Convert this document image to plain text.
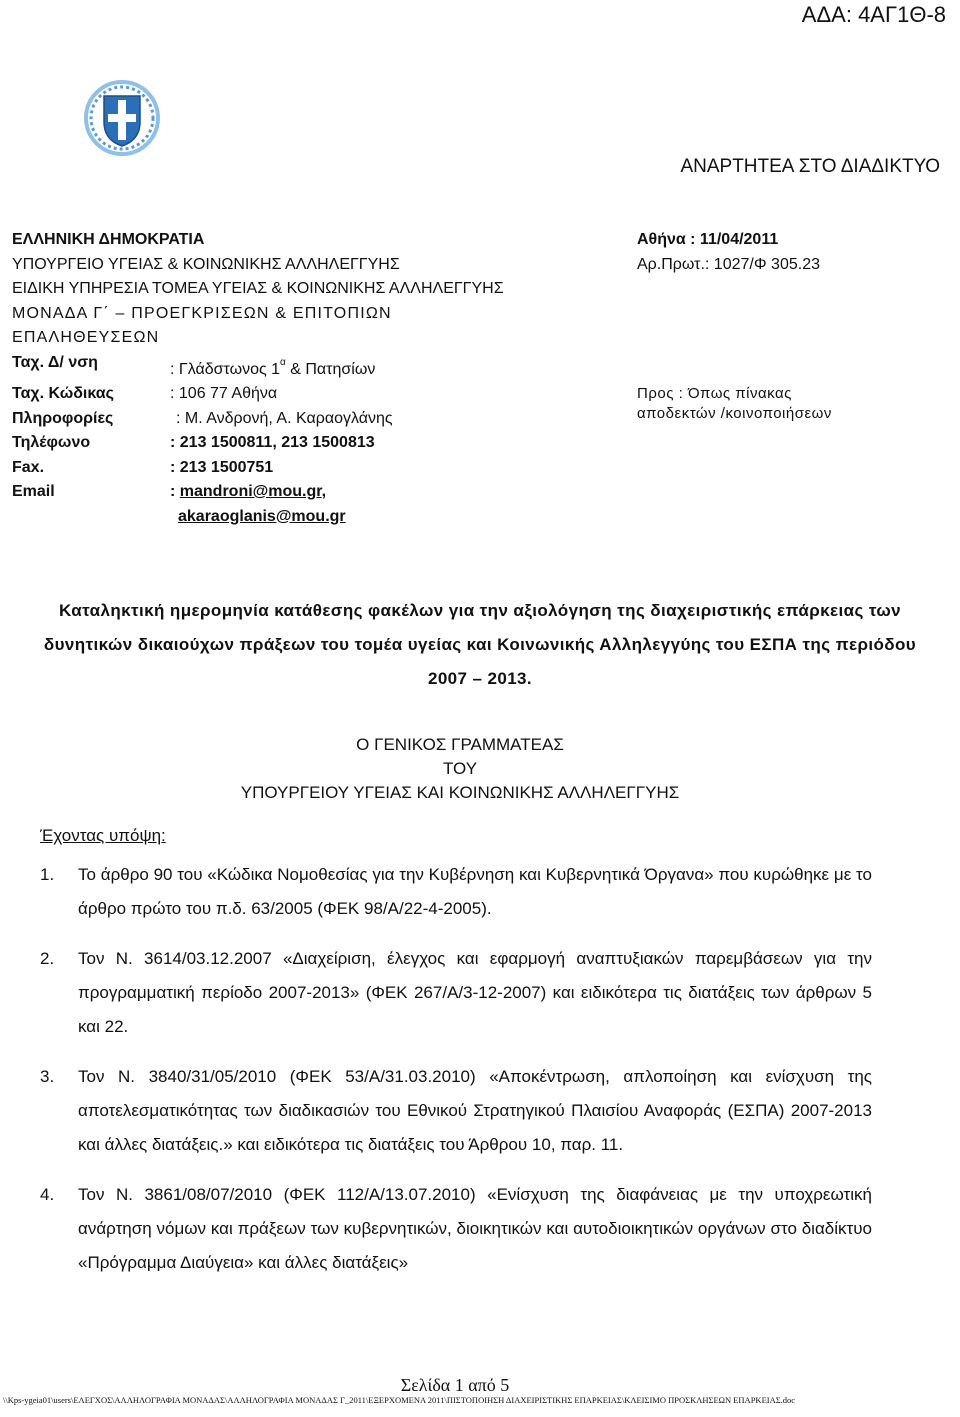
ΑΔΑ: 4ΑΓ1Θ-8
ΑΝΑΡΤΗΤΕΑ ΣΤΟ ΔΙΑΔΙΚΤΥΟ
ΕΛΛΗΝΙΚΗ ΔΗΜΟΚΡΑΤΙΑ
ΥΠΟΥΡΓΕΙΟ ΥΓΕΙΑΣ & ΚΟΙΝΩΝΙΚΗΣ ΑΛΛΗΛΕΓΓΥΗΣ
ΕΙΔΙΚΗ ΥΠΗΡΕΣΙΑ ΤΟΜΕΑ ΥΓΕΙΑΣ & ΚΟΙΝΩΝΙΚΗΣ ΑΛΛΗΛΕΓΓΥΗΣ
ΜΟΝΑΔΑ Γ΄ – ΠΡΟΕΓΚΡΙΣΕΩΝ & ΕΠΙΤΟΠΙΩΝ
ΕΠΑΛΗΘΕΥΣΕΩΝ
Ταχ. Δ/ νση	: Γλάδστωνος $1^\alpha$ & Πατησίων
Ταχ. Κώδικας	: 106 77 Αθήνα
Πληροφορίες	: Μ. Ανδρονή, Α. Καραογλάνης
Τηλέφωνο	: 213 1500811, 213 1500813
Fax.	: 213 1500751
Email	: mandroni@mou.gr,
akaraoglanis@mou.gr
Αθήνα : 11/04/2011
Αρ.Πρωτ.: 1027/Φ 305.23
Προς : Όπως πίνακας
αποδεκτών /κοινοποιήσεων
Καταληκτική ημερομηνία κατάθεσης φακέλων για την αξιολόγηση της διαχειριστικής επάρκειας των δυνητικών δικαιούχων πράξεων του τομέα υγείας και Κοινωνικής Αλληλεγγύης του ΕΣΠΑ της περιόδου 2007 – 2013.
Ο ΓΕΝΙΚΟΣ ΓΡΑΜΜΑΤΕΑΣ
ΤΟΥ
ΥΠΟΥΡΓΕΙΟΥ ΥΓΕΙΑΣ ΚΑΙ ΚΟΙΝΩΝΙΚΗΣ ΑΛΛΗΛΕΓΓΥΗΣ
Έχοντας υπόψη:
1.	Το άρθρο 90 του «Κώδικα Νομοθεσίας για την Κυβέρνηση και Κυβερνητικά Όργανα» που κυρώθηκε με το άρθρο πρώτο του π.δ. 63/2005 (ΦΕΚ 98/Α/22-4-2005).
2.	Τον Ν. 3614/03.12.2007 «Διαχείριση, έλεγχος και εφαρμογή αναπτυξιακών παρεμβάσεων για την προγραμματική περίοδο 2007-2013» (ΦΕΚ 267/Α/3-12-2007) και ειδικότερα τις διατάξεις των άρθρων 5 και 22.
3.	Τον Ν. 3840/31/05/2010 (ΦΕΚ 53/Α/31.03.2010) «Αποκέντρωση, απλοποίηση και ενίσχυση της αποτελεσματικότητας των διαδικασιών του Εθνικού Στρατηγικού Πλαισίου Αναφοράς (ΕΣΠΑ) 2007-2013 και άλλες διατάξεις.» και ειδικότερα τις διατάξεις του Άρθρου 10, παρ. 11.
4.	Τον Ν. 3861/08/07/2010 (ΦΕΚ 112/Α/13.07.2010) «Ενίσχυση της διαφάνειας με την υποχρεωτική ανάρτηση νόμων και πράξεων των κυβερνητικών, διοικητικών και αυτοδιοικητικών οργάνων στο διαδίκτυο «Πρόγραμμα Διαύγεια» και άλλες διατάξεις»
Σελίδα 1 από 5
\\Kps-ygeia01\users\ΕΛΕΓΧΟΣ\ΑΛΛΗΛΟΓΡΑΦΙΑ ΜΟΝΑΔΑΣ\ΑΛΛΗΛΟΓΡΑΦΙΑ ΜΟΝΑΔΑΣ Γ_2011\ΕΞΕΡΧΟΜΕΝΑ 2011\ΠΙΣΤΟΠΟΙΗΣΗ ΔΙΑΧΕΙΡΙΣΤΙΚΗΣ ΕΠΑΡΚΕΙΑΣ\ΚΛΕΙΣΙΜΟ ΠΡΟΣΚΛΗΣΕΩΝ ΕΠΑΡΚΕΙΑΣ.doc
